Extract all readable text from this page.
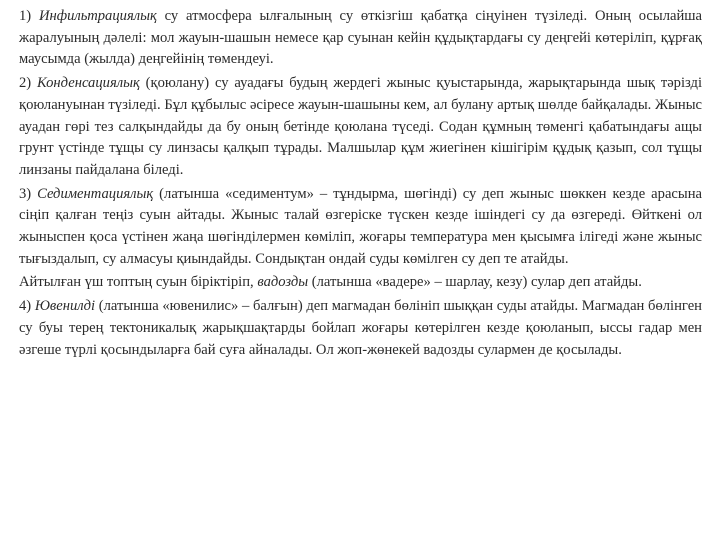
1) Инфильтрациялық су атмосфера ылғалының су өткізгіш қабатқа сіңуінен түзіледі. Оның осылайша жаралуының дәлелі: мол жауын-шашын немесе қар суынан кейін құдықтардағы су деңгейі көтеріліп, құрғақ маусымда (жылда) деңгейінің төмендеуі.

2) Конденсациялық (қоюлану) су ауадағы будың жердегі жыныс қуыстарында, жарықтарында шық тәрізді қоюлануынан түзіледі. Бұл құбылыс әсіресе жауын-шашыны кем, ал булану артық шөлде байқалады. Жыныс ауадан гөрі тез салқындайды да бу оның бетінде қоюлана түседі. Содан құмның төменгі қабатындағы ащы грунт үстінде тұщы су линзасы қалқып тұрады. Малшылар құм жиегінен кішігірім құдық қазып, сол тұщы линзаны пайдалана біледі.

3) Седиментациялық (латынша «седиментум» – тұндырма, шөгінді) су деп жыныс шөккен кезде арасына сіңіп қалған теңіз суын айтады. Жыныс талай өзгеріске түскен кезде ішіндегі су да өзгереді. Өйткені ол жыныспен қоса үстінен жаңа шөгінділермен көміліп, жоғары температура мен қысымға ілігеді және жыныс тығыздалып, су алмасуы қиындайды. Сондықтан ондай суды көмілген су деп те атайды.

Айтылған үш топтың суын біріктіріп, вадозды (латынша «вадере» – шарлау, кезу) сулар деп атайды.

4) Ювенилді (латынша «ювенилис» – балғын) деп магмадан бөлініп шыққан суды атайды. Магмадан бөлінген су буы терең тектоникалық жарықшақтарды бойлап жоғары көтерілген кезде қоюланып, ыссы гадар мен әзгеше түрлі қосындыларға бай суға айналады. Ол жоп-жөнекей вадозды сулармен де қосылады.
